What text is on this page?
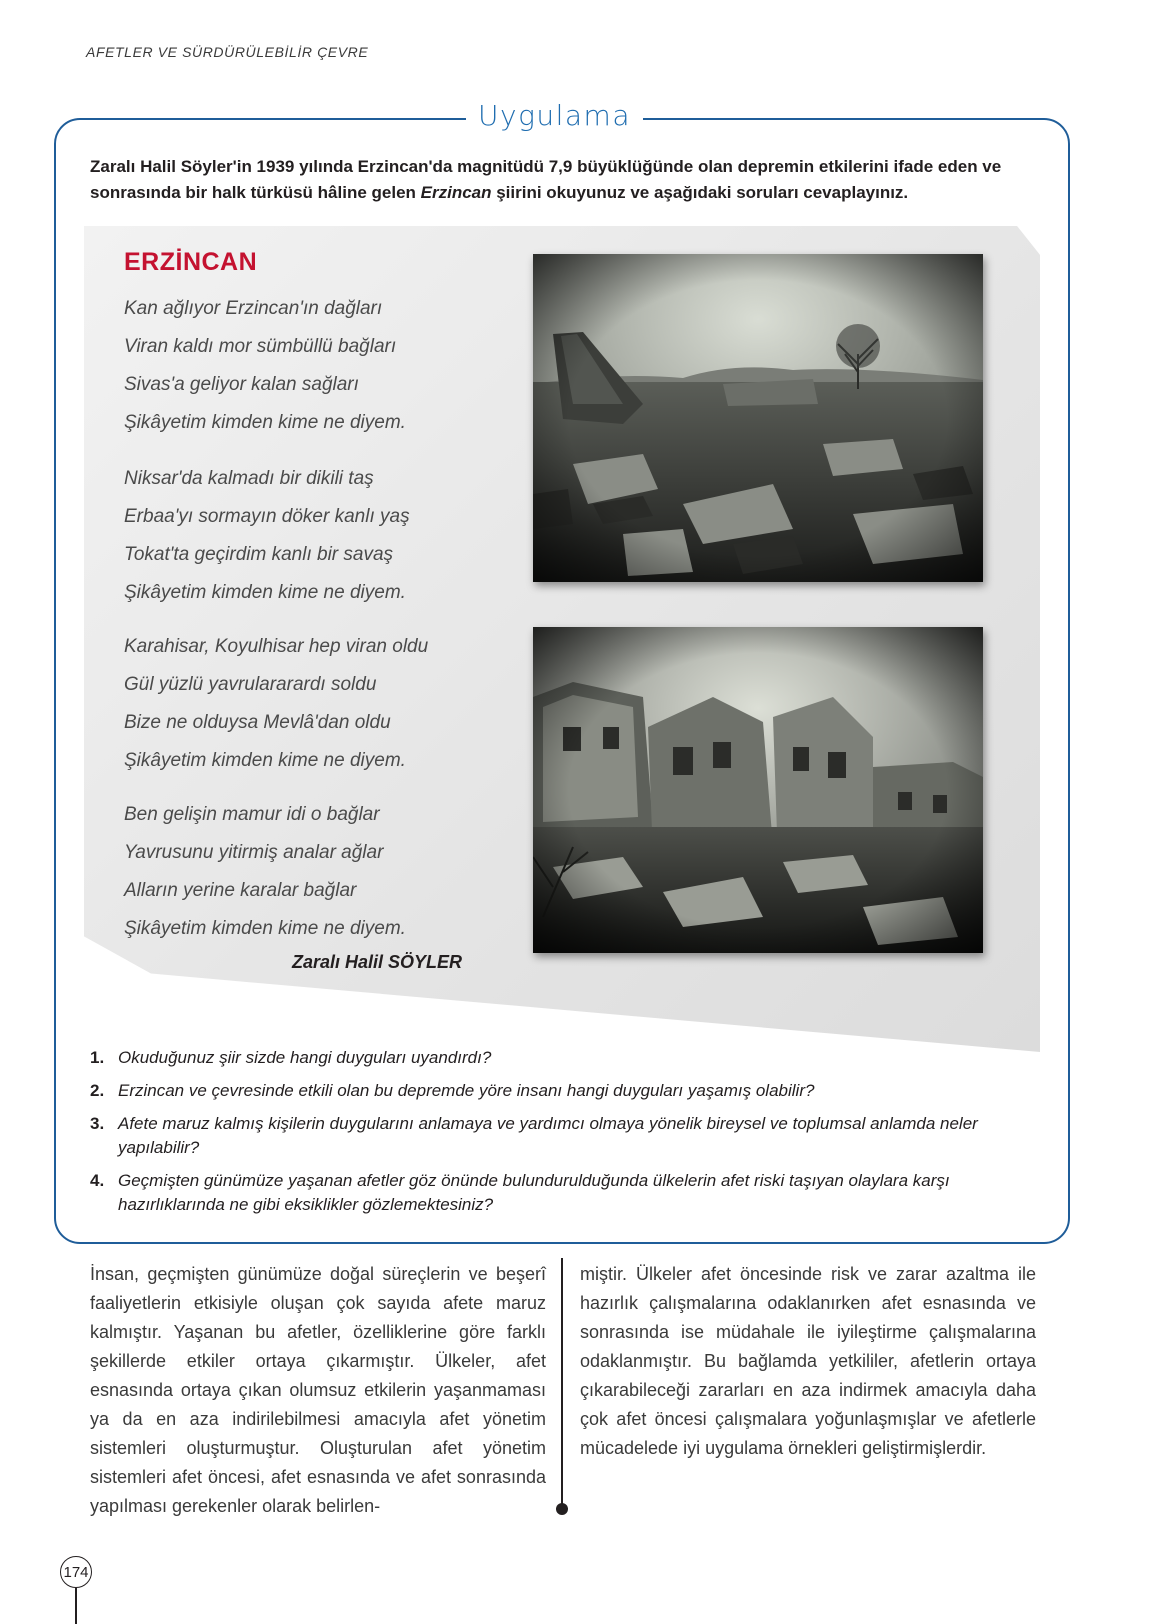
AFETLER VE SÜRDÜRÜLEBİLİR ÇEVRE
Uygulama

Zaralı Halil Söyler'in 1939 yılında Erzincan'da magnitüdü 7,9 büyüklüğünde olan depremin etkilerini ifade eden ve sonrasında bir halk türküsü hâline gelen Erzincan şiirini okuyunuz ve aşağıdaki soruları cevaplayınız.

ERZİNCAN
Kan ağlıyor Erzincan'ın dağları
Viran kaldı mor sümbüllü bağları
Sivas'a geliyor kalan sağları
Şikâyetim kimden kime ne diyem.
Niksar'da kalmadı bir dikili taş
Erbaa'yı sormayın döker kanlı yaş
Tokat'ta geçirdim kanlı bir savaş
Şikâyetim kimden kime ne diyem.
Karahisar, Koyulhisar hep viran oldu
Gül yüzlü yavrulararardı soldu
Bize ne olduysa Mevlâ'dan oldu
Şikâyetim kimden kime ne diyem.
Ben gelişin mamur idi o bağlar
Yavrusunu yitirmiş analar ağlar
Alların yerine karalar bağlar
Şikâyetim kimden kime ne diyem.
Zaralı Halil SÖYLER
1. Okuduğunuz şiir sizde hangi duyguları uyandırdı?
2. Erzincan ve çevresinde etkili olan bu depremde yöre insanı hangi duyguları yaşamış olabilir?
3. Afete maruz kalmış kişilerin duygularını anlamaya ve yardımcı olmaya yönelik bireysel ve toplumsal anlamda neler yapılabilir?
4. Geçmişten günümüze yaşanan afetler göz önünde bulundurulduğunda ülkelerin afet riski taşıyan olaylara karşı hazırlıklarında ne gibi eksiklikler gözlemektesiniz?

İnsan, geçmişten günümüze doğal süreçlerin ve beşerî faaliyetlerin etkisiyle oluşan çok sayıda afete maruz kalmıştır. Yaşanan bu afetler, özelliklerine göre farklı şekillerde etkiler ortaya çıkarmıştır. Ülkeler, afet esnasında ortaya çıkan olumsuz etkilerin yaşanmaması ya da en aza indirilebilmesi amacıyla afet yönetim sistemleri oluşturmuştur. Oluşturulan afet yönetim sistemleri afet öncesi, afet esnasında ve afet sonrasında yapılması gerekenler olarak belirlen-

miştir. Ülkeler afet öncesinde risk ve zarar azaltma ile hazırlık çalışmalarına odaklanırken afet esnasında ve sonrasında ise müdahale ile iyileştirme çalışmalarına odaklanmıştır. Bu bağlamda yetkililer, afetlerin ortaya çıkarabileceği zararları en aza indirmek amacıyla daha çok afet öncesi çalışmalara yoğunlaşmışlar ve afetlerle mücadelede iyi uygulama örnekleri geliştirmişlerdir.

174
